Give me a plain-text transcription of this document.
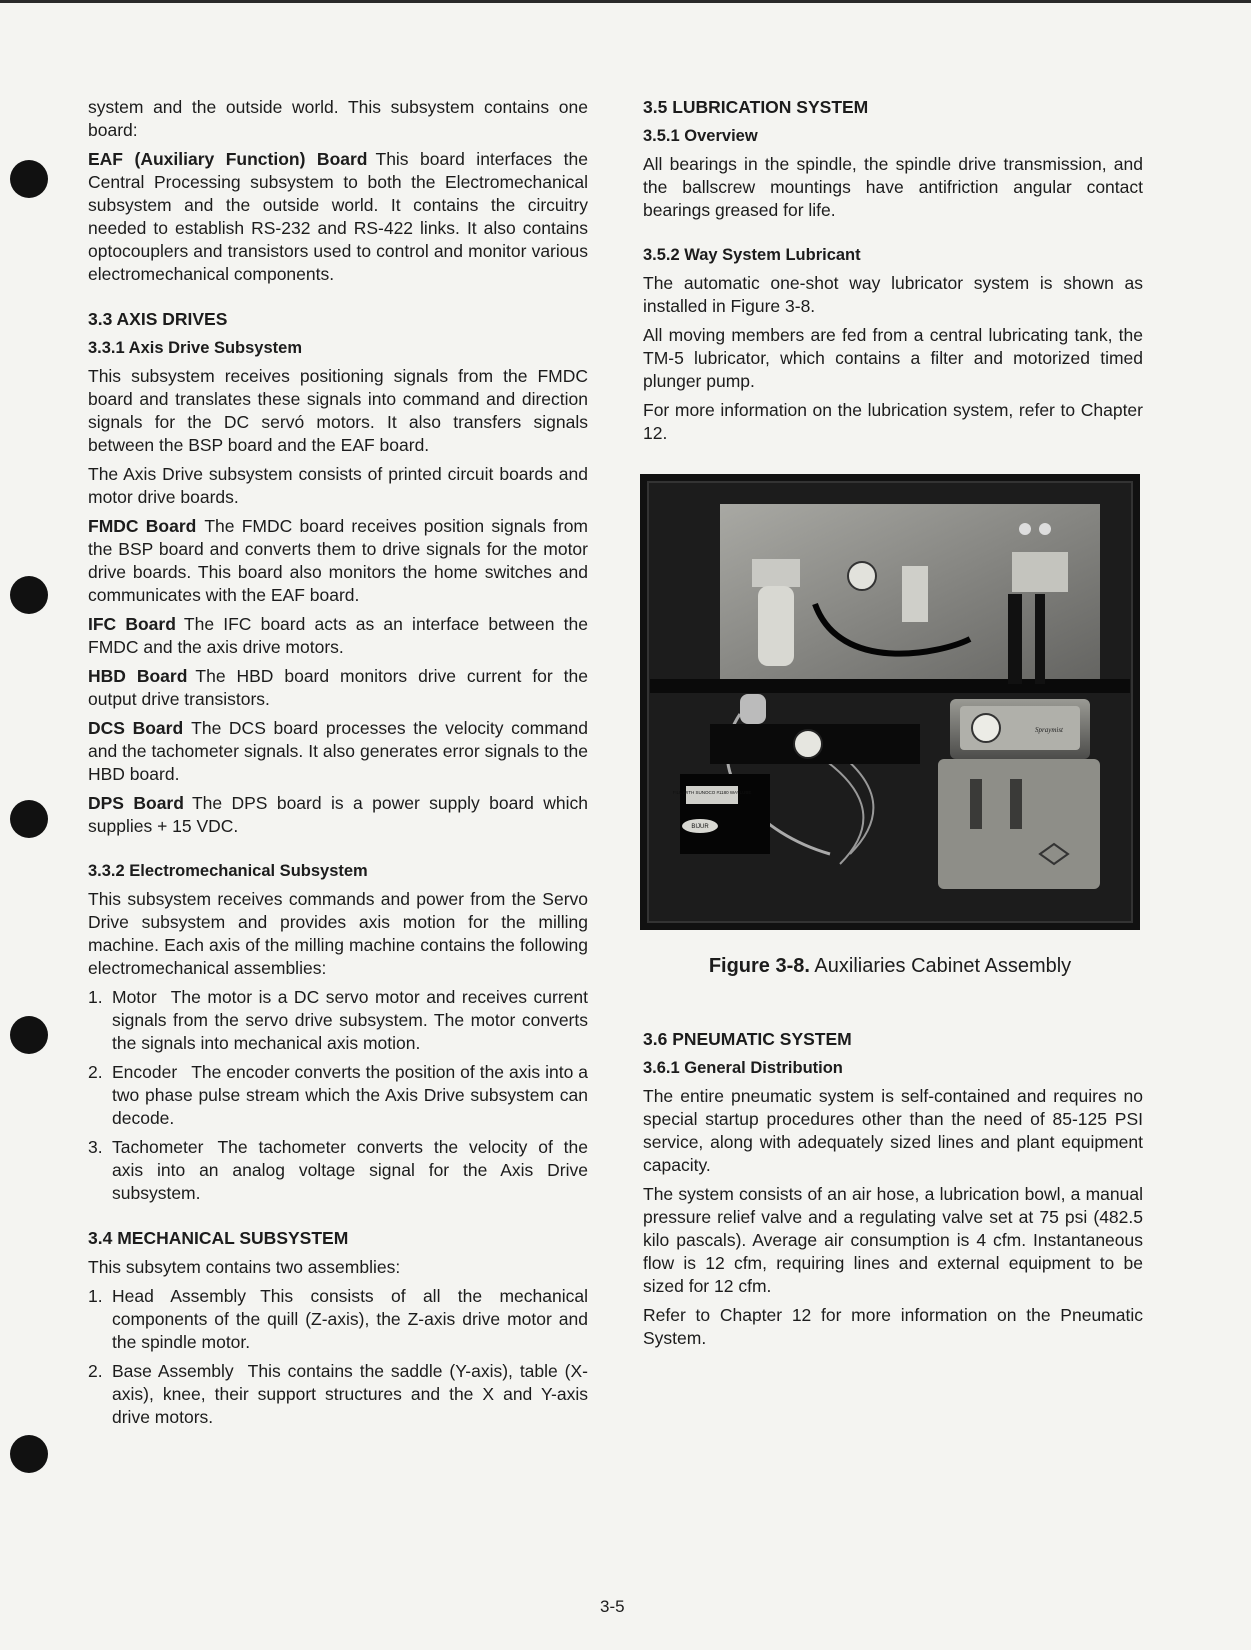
system and the outside world. This subsystem contains one board:

EAF (Auxiliary Function) Board This board interfaces the Central Processing subsystem to both the Electromechanical subsystem and the outside world. It contains the circuitry needed to establish RS-232 and RS-422 links. It also contains optocouplers and transistors used to control and monitor various electromechanical components.

3.3 AXIS DRIVES
3.3.1 Axis Drive Subsystem

This subsystem receives positioning signals from the FMDC board and translates these signals into command and direction signals for the DC servó motors. It also transfers signals between the BSP board and the EAF board.

The Axis Drive subsystem consists of printed circuit boards and motor drive boards.

FMDC Board The FMDC board receives position signals from the BSP board and converts them to drive signals for the motor drive boards. This board also monitors the home switches and communicates with the EAF board.

IFC Board The IFC board acts as an interface between the FMDC and the axis drive motors.

HBD Board The HBD board monitors drive current for the output drive transistors.

DCS Board The DCS board processes the velocity command and the tachometer signals. It also generates error signals to the HBD board.

DPS Board The DPS board is a power supply board which supplies + 15 VDC.

3.3.2 Electromechanical Subsystem

This subsystem receives commands and power from the Servo Drive subsystem and provides axis motion for the milling machine. Each axis of the milling machine contains the following electromechanical assemblies:

1. Motor The motor is a DC servo motor and receives current signals from the servo drive subsystem. The motor converts the signals into mechanical axis motion.
2. Encoder The encoder converts the position of the axis into a two phase pulse stream which the Axis Drive subsystem can decode.
3. Tachometer The tachometer converts the velocity of the axis into an analog voltage signal for the Axis Drive subsystem.
3.4 MECHANICAL SUBSYSTEM

This subsytem contains two assemblies:

1. Head Assembly This consists of all the mechanical components of the quill (Z-axis), the Z-axis drive motor and the spindle motor.
2. Base Assembly This contains the saddle (Y-axis), table (X-axis), knee, their support structures and the X and Y-axis drive motors.
3.5 LUBRICATION SYSTEM
3.5.1 Overview

All bearings in the spindle, the spindle drive transmission, and the ballscrew mountings have antifriction angular contact bearings greased for life.

3.5.2 Way System Lubricant

The automatic one-shot way lubricator system is shown as installed in Figure 3-8.

All moving members are fed from a central lubricating tank, the TM-5 lubricator, which contains a filter and motorized timed plunger pump.

For more information on the lubrication system, refer to Chapter 12.

FILL WITH SUNOCO #1180 WAYLUBE
BIJUR
Spraymist
Figure 3-8. Auxiliaries Cabinet Assembly
3.6 PNEUMATIC SYSTEM
3.6.1 General Distribution

The entire pneumatic system is self-contained and requires no special startup procedures other than the need of 85-125 PSI service, along with adequately sized lines and plant equipment capacity.

The system consists of an air hose, a lubrication bowl, a manual pressure relief valve and a regulating valve set at 75 psi (482.5 kilo pascals). Average air consumption is 4 cfm. Instantaneous flow is 12 cfm, requiring lines and external equipment to be sized for 12 cfm.

Refer to Chapter 12 for more information on the Pneumatic System.

3-5
